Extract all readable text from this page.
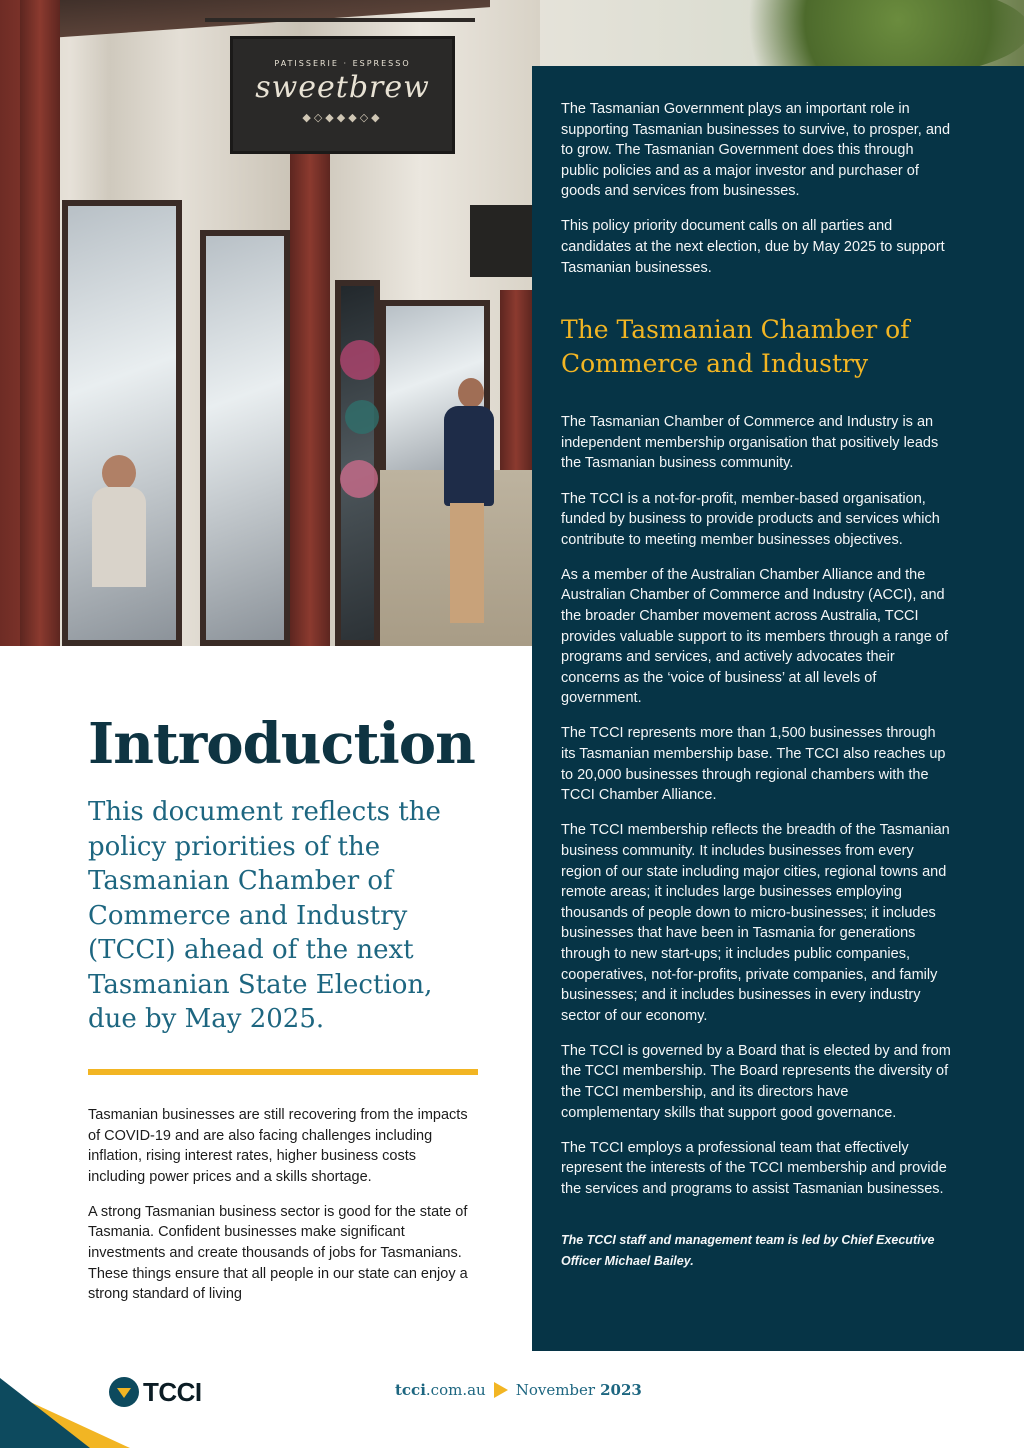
PATISSERIE · ESPRESSO
sweetbrew
◆◇◆◆◆◇◆

The Tasmanian Government plays an important role in supporting Tasmanian businesses to survive, to prosper, and to grow. The Tasmanian Government does this through public policies and as a major investor and purchaser of goods and services from businesses.

This policy priority document calls on all parties and candidates at the next election, due by May 2025 to support Tasmanian businesses.

The Tasmanian Chamber of Commerce and Industry

The Tasmanian Chamber of Commerce and Industry is an independent membership organisation that positively leads the Tasmanian business community.

The TCCI is a not-for-profit, member-based organisation, funded by business to provide products and services which contribute to meeting member businesses objectives.

As a member of the Australian Chamber Alliance and the Australian Chamber of Commerce and Industry (ACCI), and the broader Chamber movement across Australia, TCCI provides valuable support to its members through a range of programs and services, and actively advocates their concerns as the ‘voice of business’ at all levels of government.

The TCCI represents more than 1,500 businesses through its Tasmanian membership base. The TCCI also reaches up to 20,000 businesses through regional chambers with the TCCI Chamber Alliance.

The TCCI membership reflects the breadth of the Tasmanian business community. It includes businesses from every region of our state including major cities, regional towns and remote areas; it includes large businesses employing thousands of people down to micro-businesses; it includes businesses that have been in Tasmania for generations through to new start-ups; it includes public companies, cooperatives, not-for-profits, private companies, and family businesses; and it includes businesses in every industry sector of our economy.

The TCCI is governed by a Board that is elected by and from the TCCI membership. The Board represents the diversity of the TCCI membership, and its directors have complementary skills that support good governance.

The TCCI employs a professional team that effectively represent the interests of the TCCI membership and provide the services and programs to assist Tasmanian businesses.

The TCCI staff and management team is led by Chief Executive Officer Michael Bailey.

Introduction
This document reflects the policy priorities of the Tasmanian Chamber of Commerce and Industry (TCCI) ahead of the next Tasmanian State Election, due by May 2025.

Tasmanian businesses are still recovering from the impacts of COVID-19 and are also facing challenges including inflation, rising interest rates, higher business costs including power prices and a skills shortage.

A strong Tasmanian business sector is good for the state of Tasmania. Confident businesses make significant investments and create thousands of jobs for Tasmanians. These things ensure that all people in our state can enjoy a strong standard of living

TCCI	tcci .com.au November 2023
